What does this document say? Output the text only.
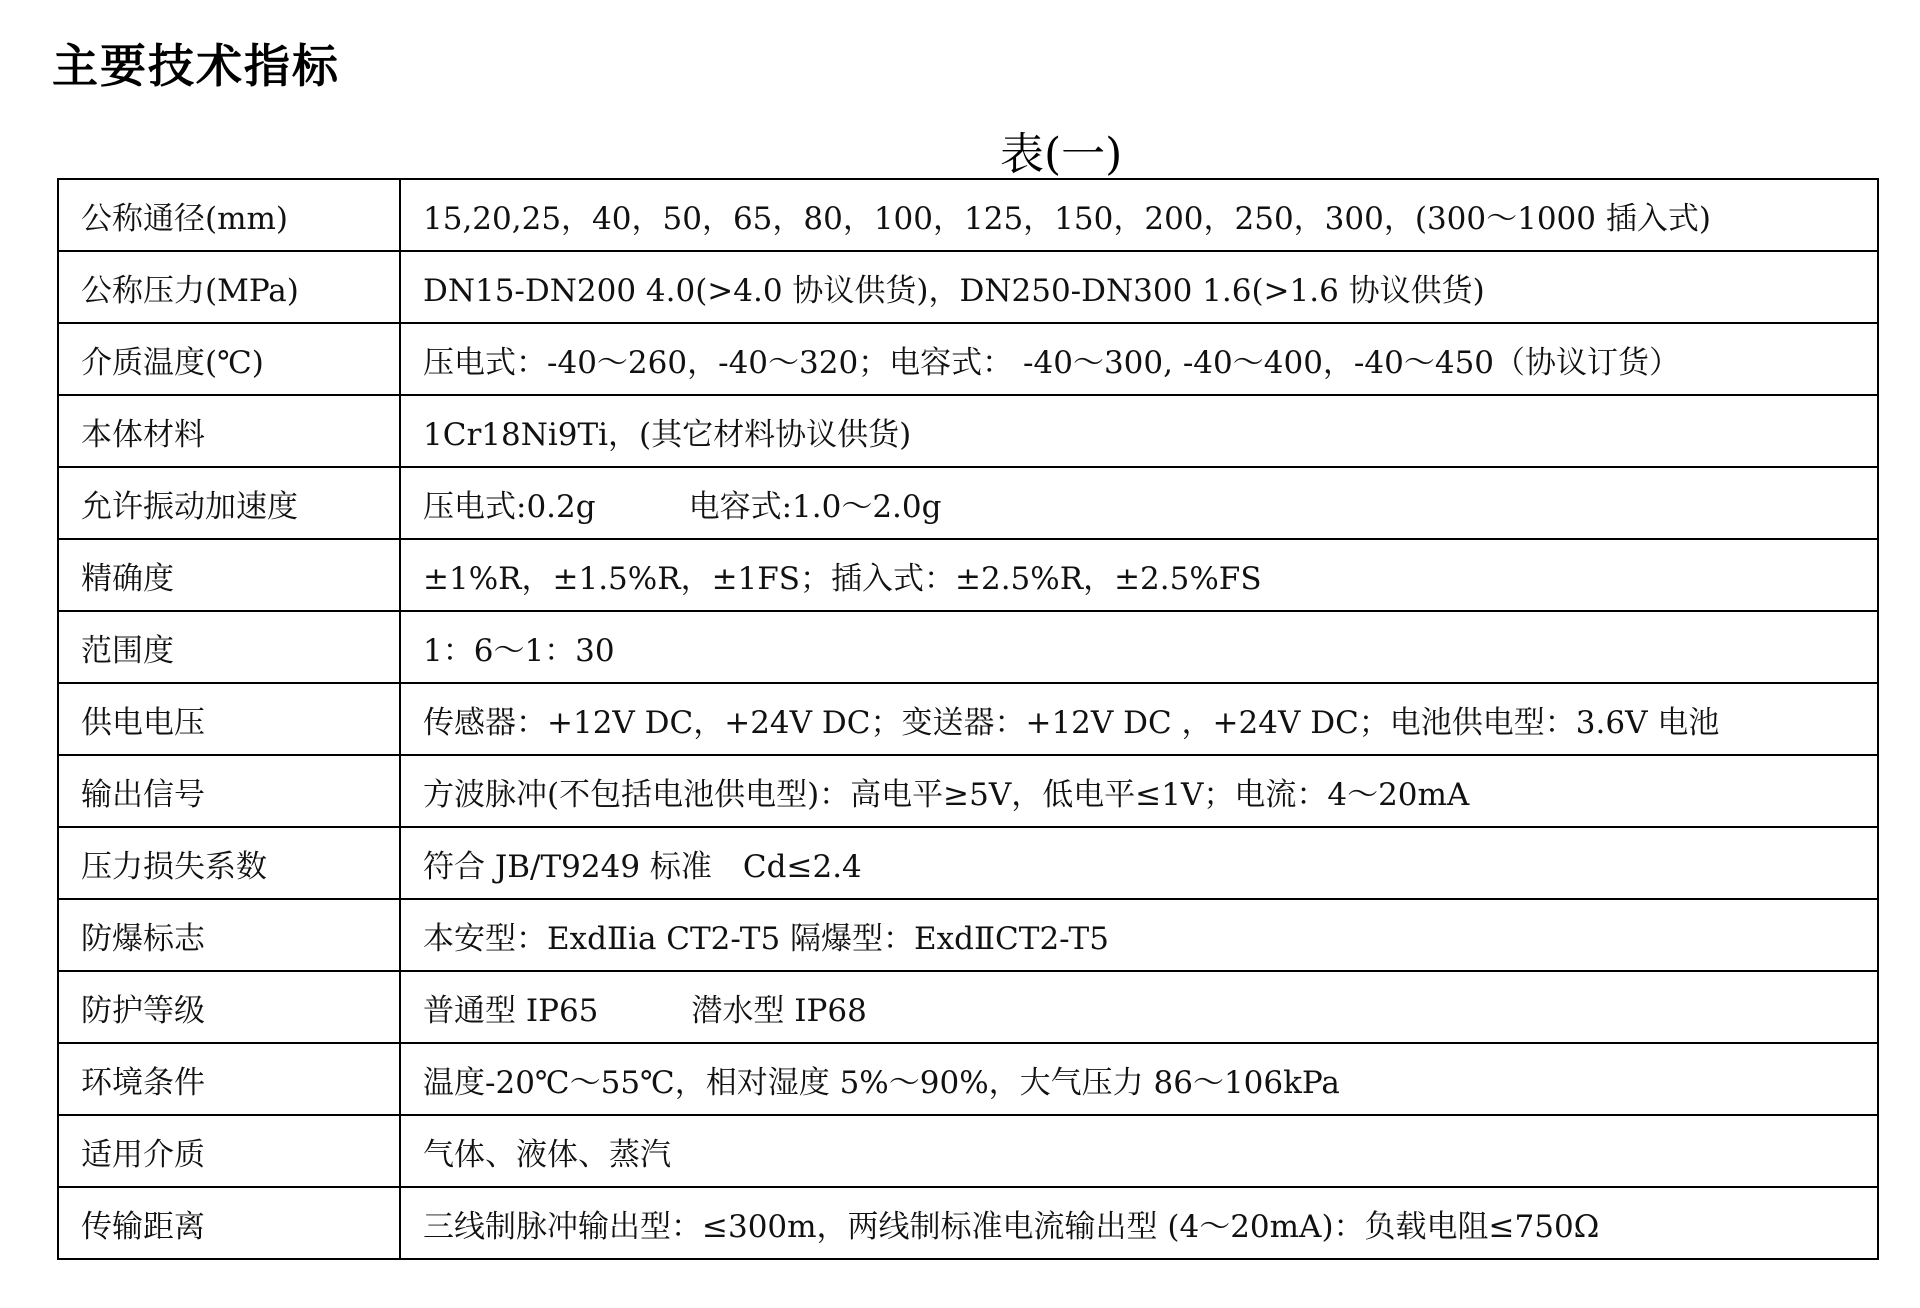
主要技术指标
表(一)
公称通径(mm)	15,20,25，40，50，65，80，100，125，150，200，250，300，(300～1000 插入式)
公称压力(MPa)	DN15-DN200 4.0(>4.0 协议供货)，DN250-DN300 1.6(>1.6 协议供货)
介质温度(℃)	压电式：-40～260，-40～320；电容式： -40～300, -40～400，-40～450（协议订货）
本体材料	1Cr18Ni9Ti，(其它材料协议供货)
允许振动加速度	压电式:0.2g　　　电容式:1.0～2.0g
精确度	±1%R，±1.5%R，±1FS；插入式：±2.5%R，±2.5%FS
范围度	1：6～1：30
供电电压	传感器：+12V DC，+24V DC；变送器：+12V DC ，+24V DC；电池供电型：3.6V 电池
输出信号	方波脉冲(不包括电池供电型)：高电平≥5V，低电平≤1V；电流：4～20mA
压力损失系数	符合 JB/T9249 标准　Cd≤2.4
防爆标志	本安型：ExdⅡia CT2-T5 隔爆型：ExdⅡCT2-T5
防护等级	普通型 IP65　　　潜水型 IP68
环境条件	温度-20℃～55℃，相对湿度 5%～90%，大气压力 86～106kPa
适用介质	气体、液体、蒸汽
传输距离	三线制脉冲输出型：≤300m，两线制标准电流输出型 (4～20mA)：负载电阻≤750Ω
